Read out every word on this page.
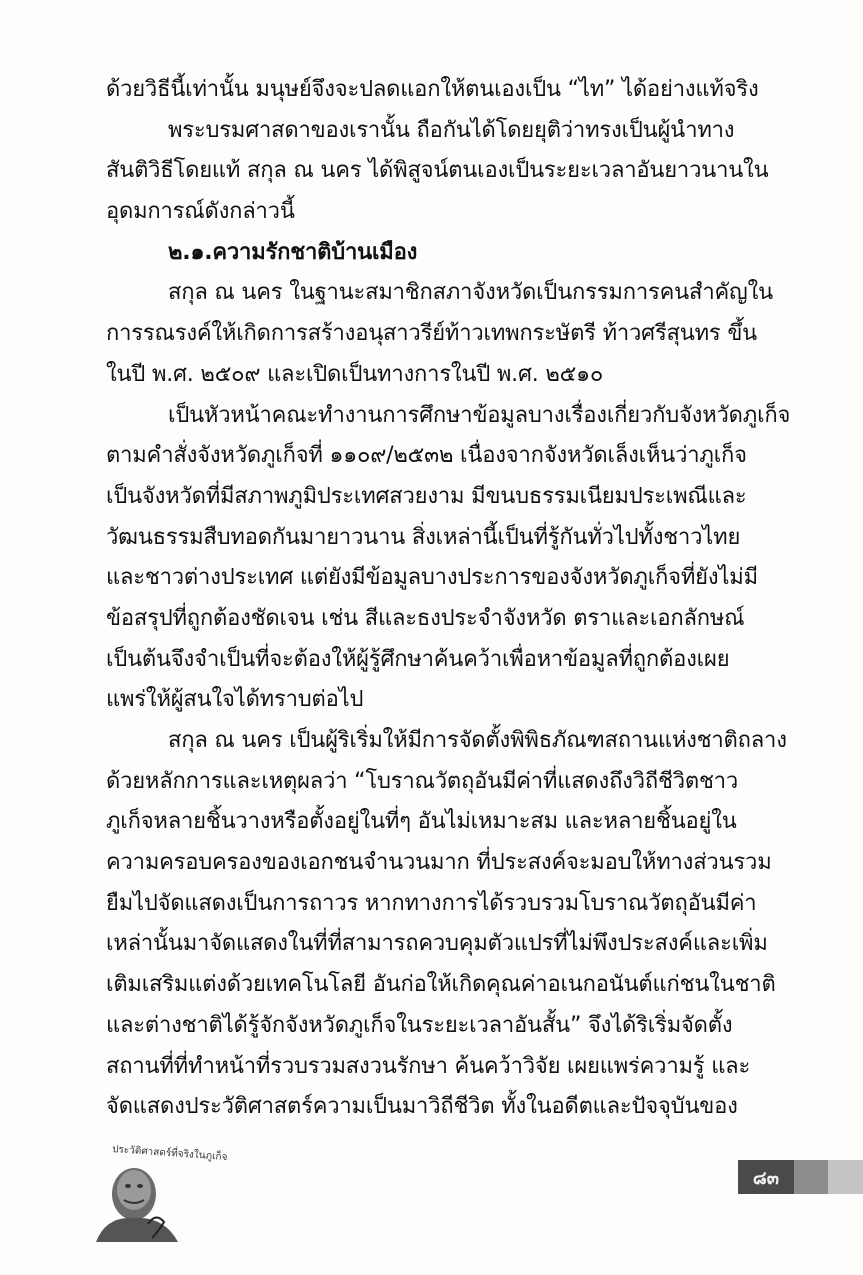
ด้วยวิธีนี้เท่านั้น มนุษย์จึงจะปลดแอกให้ตนเองเป็น “ไท” ได้อย่างแท้จริง
พระบรมศาสดาของเรานั้น ถือกันได้โดยยุติว่าทรงเป็นผู้นำทาง
สันติวิธีโดยแท้ สกุล ณ นคร ได้พิสูจน์ตนเองเป็นระยะเวลาอันยาวนานใน
อุดมการณ์ดังกล่าวนี้
๒.๑.ความรักชาติบ้านเมือง
สกุล ณ นคร ในฐานะสมาชิกสภาจังหวัดเป็นกรรมการคนสำคัญใน
การรณรงค์ให้เกิดการสร้างอนุสาวรีย์ท้าวเทพกระษัตรี ท้าวศรีสุนทร ขึ้น
ในปี พ.ศ. ๒๕๐๙ และเปิดเป็นทางการในปี พ.ศ. ๒๕๑๐
เป็นหัวหน้าคณะทำงานการศึกษาข้อมูลบางเรื่องเกี่ยวกับจังหวัดภูเก็จ
ตามคำสั่งจังหวัดภูเก็จที่ ๑๑๐๙/๒๕๓๒ เนื่องจากจังหวัดเล็งเห็นว่าภูเก็จ
เป็นจังหวัดที่มีสภาพภูมิประเทศสวยงาม มีขนบธรรมเนียมประเพณีและ
วัฒนธรรมสืบทอดกันมายาวนาน สิ่งเหล่านี้เป็นที่รู้กันทั่วไปทั้งชาวไทย
และชาวต่างประเทศ แต่ยังมีข้อมูลบางประการของจังหวัดภูเก็จที่ยังไม่มี
ข้อสรุปที่ถูกต้องชัดเจน เช่น สีและธงประจำจังหวัด ตราและเอกลักษณ์
เป็นต้นจึงจำเป็นที่จะต้องให้ผู้รู้ศึกษาค้นคว้าเพื่อหาข้อมูลที่ถูกต้องเผย
แพร่ให้ผู้สนใจได้ทราบต่อไป
สกุล ณ นคร เป็นผู้ริเริ่มให้มีการจัดตั้งพิพิธภัณฑสถานแห่งชาติถลาง
ด้วยหลักการและเหตุผลว่า “โบราณวัตถุอันมีค่าที่แสดงถึงวิถีชีวิตชาว
ภูเก็จหลายชิ้นวางหรือตั้งอยู่ในที่ๆ อันไม่เหมาะสม และหลายชิ้นอยู่ใน
ความครอบครองของเอกชนจำนวนมาก ที่ประสงค์จะมอบให้ทางส่วนรวม
ยืมไปจัดแสดงเป็นการถาวร หากทางการได้รวบรวมโบราณวัตถุอันมีค่า
เหล่านั้นมาจัดแสดงในที่ที่สามารถควบคุมตัวแปรที่ไม่พึงประสงค์และเพิ่ม
เติมเสริมแต่งด้วยเทคโนโลยี อันก่อให้เกิดคุณค่าอเนกอนันต์แก่ชนในชาติ
และต่างชาติได้รู้จักจังหวัดภูเก็จในระยะเวลาอันสั้น” จึงได้ริเริ่มจัดตั้ง
สถานที่ที่ทำหน้าที่รวบรวมสงวนรักษา ค้นคว้าวิจัย เผยแพร่ความรู้ และ
จัดแสดงประวัติศาสตร์ความเป็นมาวิถีชีวิต ทั้งในอดีตและปัจจุบันของ
ประวัติศาสตร์ที่จริงในภูเก็จ
๘๓
